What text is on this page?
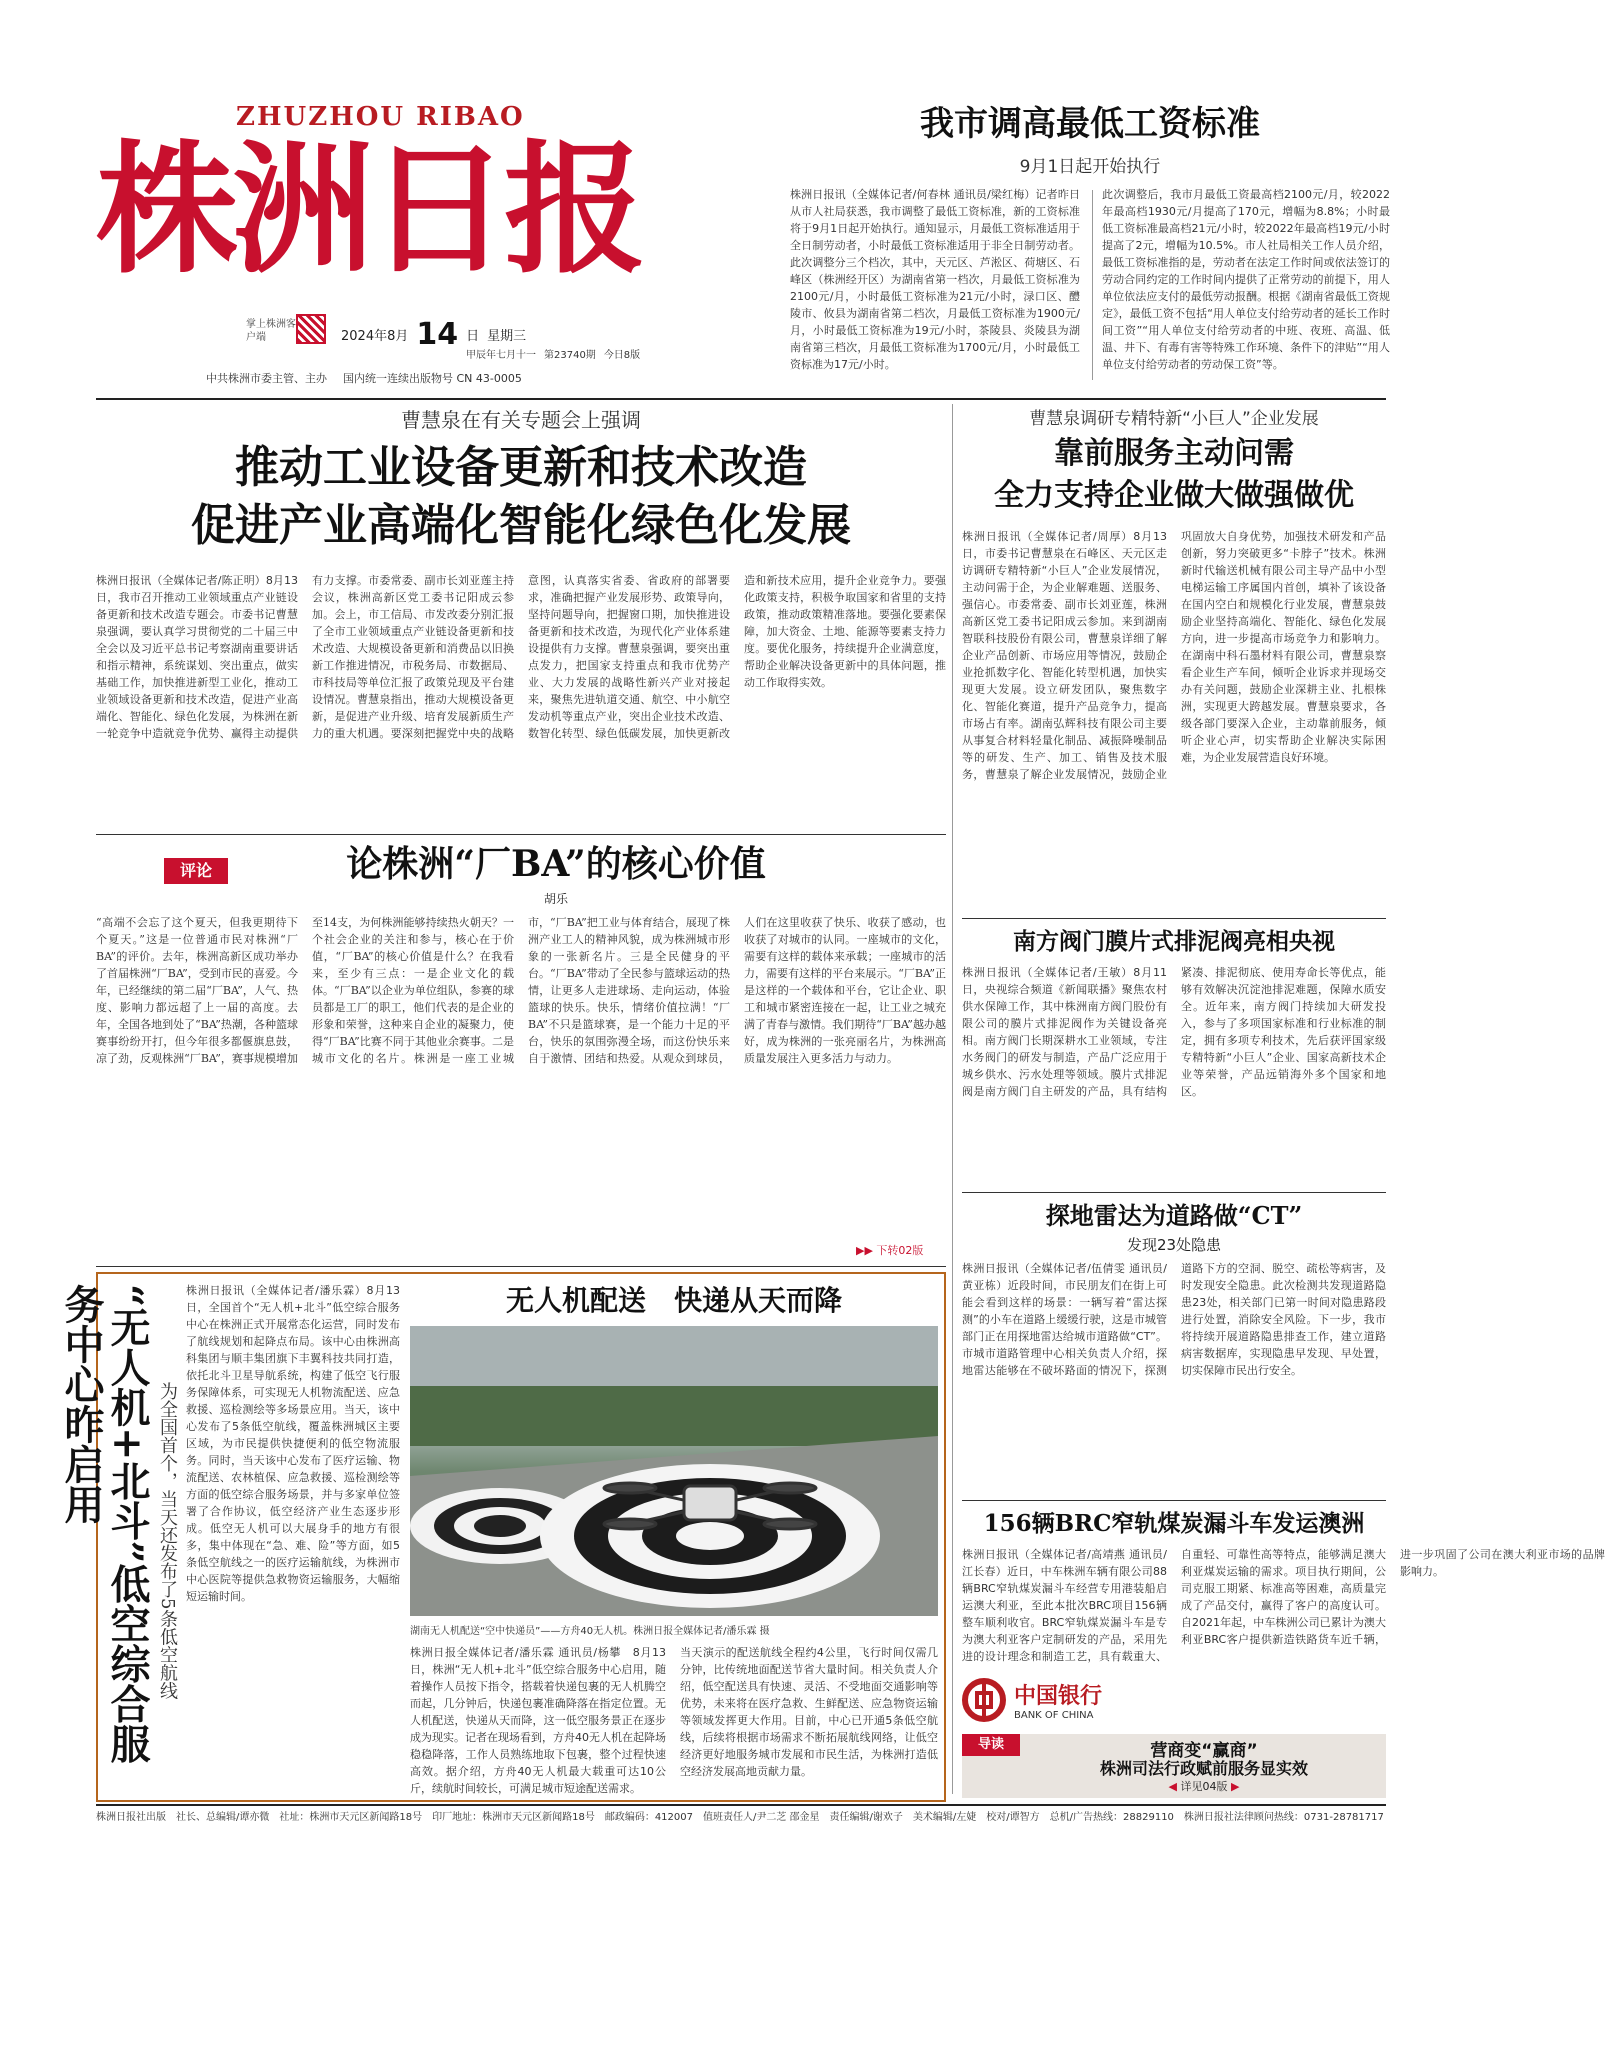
ZHUZHOU RIBAO
株洲日报
掌上株洲客户端	2024年8月 14 日 星期三
甲辰年七月十一 第23740期 今日8版
中共株洲市委主管、主办 国内统一连续出版物号 CN 43-0005
我市调高最低工资标准
9月1日起开始执行
株洲日报讯（全媒体记者/何春林 通讯员/梁红梅）记者昨日从市人社局获悉，我市调整了最低工资标准，新的工资标准将于9月1日起开始执行。通知显示，月最低工资标准适用于全日制劳动者，小时最低工资标准适用于非全日制劳动者。此次调整分三个档次，其中，天元区、芦淞区、荷塘区、石峰区（株洲经开区）为湖南省第一档次，月最低工资标准为2100元/月，小时最低工资标准为21元/小时，渌口区、醴陵市、攸县为湖南省第二档次，月最低工资标准为1900元/月，小时最低工资标准为19元/小时，茶陵县、炎陵县为湖南省第三档次，月最低工资标准为1700元/月，小时最低工资标准为17元/小时。
此次调整后，我市月最低工资最高档2100元/月，较2022年最高档1930元/月提高了170元，增幅为8.8%；小时最低工资标准最高档21元/小时，较2022年最高档19元/小时提高了2元，增幅为10.5%。市人社局相关工作人员介绍，最低工资标准指的是，劳动者在法定工作时间或依法签订的劳动合同约定的工作时间内提供了正常劳动的前提下，用人单位依法应支付的最低劳动报酬。根据《湖南省最低工资规定》，最低工资不包括“用人单位支付给劳动者的延长工作时间工资”“用人单位支付给劳动者的中班、夜班、高温、低温、井下、有毒有害等特殊工作环境、条件下的津贴”“用人单位支付给劳动者的劳动保工资”等。
曹慧泉在有关专题会上强调
推动工业设备更新和技术改造
促进产业高端化智能化绿色化发展
株洲日报讯（全媒体记者/陈正明）8月13日，我市召开推动工业领域重点产业链设备更新和技术改造专题会。市委书记曹慧泉强调，要认真学习贯彻党的二十届三中全会以及习近平总书记考察湖南重要讲话和指示精神，系统谋划、突出重点，做实基础工作，加快推进新型工业化，推动工业领域设备更新和技术改造，促进产业高端化、智能化、绿色化发展，为株洲在新一轮竞争中造就竞争优势、赢得主动提供有力支撑。市委常委、副市长刘亚莲主持会议，株洲高新区党工委书记阳成云参加。会上，市工信局、市发改委分别汇报了全市工业领域重点产业链设备更新和技术改造、大规模设备更新和消费品以旧换新工作推进情况，市税务局、市数据局、市科技局等单位汇报了政策兑现及平台建设情况。曹慧泉指出，推动大规模设备更新，是促进产业升级、培育发展新质生产力的重大机遇。要深刻把握党中央的战略意图，认真落实省委、省政府的部署要求，准确把握产业发展形势、政策导向，坚持问题导向，把握窗口期，加快推进设备更新和技术改造，为现代化产业体系建设提供有力支撑。曹慧泉强调，要突出重点发力，把国家支持重点和我市优势产业、大力发展的战略性新兴产业对接起来，聚焦先进轨道交通、航空、中小航空发动机等重点产业，突出企业技术改造、数智化转型、绿色低碳发展，加快更新改造和新技术应用，提升企业竞争力。要强化政策支持，积极争取国家和省里的支持政策，推动政策精准落地。要强化要素保障，加大资金、土地、能源等要素支持力度。要优化服务，持续提升企业满意度，帮助企业解决设备更新中的具体问题，推动工作取得实效。
曹慧泉调研专精特新“小巨人”企业发展
靠前服务主动问需
全力支持企业做大做强做优
株洲日报讯（全媒体记者/周厚）8月13日，市委书记曹慧泉在石峰区、天元区走访调研专精特新“小巨人”企业发展情况，主动问需于企，为企业解难题、送服务、强信心。市委常委、副市长刘亚莲，株洲高新区党工委书记阳成云参加。来到湖南智联科技股份有限公司，曹慧泉详细了解企业产品创新、市场应用等情况，鼓励企业抢抓数字化、智能化转型机遇，加快实现更大发展。设立研发团队，聚焦数字化、智能化赛道，提升产品竞争力，提高市场占有率。湖南弘辉科技有限公司主要从事复合材料轻量化制品、减振降噪制品等的研发、生产、加工、销售及技术服务，曹慧泉了解企业发展情况，鼓励企业巩固放大自身优势，加强技术研发和产品创新，努力突破更多“卡脖子”技术。株洲新时代输送机械有限公司主导产品中小型电梯运输工序属国内首创，填补了该设备在国内空白和规模化行业发展，曹慧泉鼓励企业坚持高端化、智能化、绿色化发展方向，进一步提高市场竞争力和影响力。在湖南中科石墨材料有限公司，曹慧泉察看企业生产车间，倾听企业诉求并现场交办有关问题，鼓励企业深耕主业、扎根株洲，实现更大跨越发展。曹慧泉要求，各级各部门要深入企业，主动靠前服务，倾听企业心声，切实帮助企业解决实际困难，为企业发展营造良好环境。
评论	论株洲“厂BA”的核心价值
胡乐
“高端不会忘了这个夏天，但我更期待下个夏天。”这是一位普通市民对株洲“厂BA”的评价。去年，株洲高新区成功举办了首届株洲“厂BA”，受到市民的喜爱。今年，已经继续的第二届“厂BA”，人气、热度、影响力都远超了上一届的高度。去年，全国各地到处了“BA”热潮，各种篮球赛事纷纷开打，但今年很多都偃旗息鼓，凉了劲，反观株洲“厂BA”，赛事规模增加至14支，为何株洲能够持续热火朝天？一个社会企业的关注和参与，核心在于价值，“厂BA”的核心价值是什么？在我看来，至少有三点：一是企业文化的载体。“厂BA”以企业为单位组队，参赛的球员都是工厂的职工，他们代表的是企业的形象和荣誉，这种来自企业的凝聚力，使得“厂BA”比赛不同于其他业余赛事。二是城市文化的名片。株洲是一座工业城市，“厂BA”把工业与体育结合，展现了株洲产业工人的精神风貌，成为株洲城市形象的一张新名片。三是全民健身的平台。“厂BA”带动了全民参与篮球运动的热情，让更多人走进球场、走向运动，体验篮球的快乐。快乐，情绪价值拉满！“厂BA”不只是篮球赛，是一个能力十足的平台，快乐的氛围弥漫全场，而这份快乐来自于激情、团结和热爱。从观众到球员，人们在这里收获了快乐、收获了感动，也收获了对城市的认同。一座城市的文化，需要有这样的载体来承载；一座城市的活力，需要有这样的平台来展示。“厂BA”正是这样的一个载体和平台，它让企业、职工和城市紧密连接在一起，让工业之城充满了青春与激情。我们期待“厂BA”越办越好，成为株洲的一张亮丽名片，为株洲高质量发展注入更多活力与动力。
▶▶ 下转02版
南方阀门膜片式排泥阀亮相央视
株洲日报讯（全媒体记者/王敏）8月11日，央视综合频道《新闻联播》聚焦农村供水保障工作，其中株洲南方阀门股份有限公司的膜片式排泥阀作为关键设备亮相。南方阀门长期深耕水工业领域，专注水务阀门的研发与制造，产品广泛应用于城乡供水、污水处理等领域。膜片式排泥阀是南方阀门自主研发的产品，具有结构紧凑、排泥彻底、使用寿命长等优点，能够有效解决沉淀池排泥难题，保障水质安全。近年来，南方阀门持续加大研发投入，参与了多项国家标准和行业标准的制定，拥有多项专利技术，先后获评国家级专精特新“小巨人”企业、国家高新技术企业等荣誉，产品远销海外多个国家和地区。
探地雷达为道路做“CT”
发现23处隐患
株洲日报讯（全媒体记者/伍倩雯 通讯员/黄亚栋）近段时间，市民朋友们在街上可能会看到这样的场景：一辆写着“雷达探测”的小车在道路上缓缓行驶，这是市城管部门正在用探地雷达给城市道路做“CT”。市城市道路管理中心相关负责人介绍，探地雷达能够在不破坏路面的情况下，探测道路下方的空洞、脱空、疏松等病害，及时发现安全隐患。此次检测共发现道路隐患23处，相关部门已第一时间对隐患路段进行处置，消除安全风险。下一步，我市将持续开展道路隐患排查工作，建立道路病害数据库，实现隐患早发现、早处置，切实保障市民出行安全。
“无人机+北斗”低空综合服务中心昨启用	为全国首个，当天还发布了5条低空航线
株洲日报讯（全媒体记者/潘乐霖）8月13日，全国首个“无人机+北斗”低空综合服务中心在株洲正式开展常态化运营，同时发布了航线规划和起降点布局。该中心由株洲高科集团与顺丰集团旗下丰翼科技共同打造，依托北斗卫星导航系统，构建了低空飞行服务保障体系，可实现无人机物流配送、应急救援、巡检测绘等多场景应用。当天，该中心发布了5条低空航线，覆盖株洲城区主要区域，为市民提供快捷便利的低空物流服务。同时，当天该中心发布了医疗运输、物流配送、农林植保、应急救援、巡检测绘等方面的低空综合服务场景，并与多家单位签署了合作协议，低空经济产业生态逐步形成。低空无人机可以大展身手的地方有很多，集中体现在“急、难、险”等方面，如5条低空航线之一的医疗运输航线，为株洲市中心医院等提供急救物资运输服务，大幅缩短运输时间。
无人机配送　快递从天而降
湖南无人机配送“空中快递员”——方舟40无人机。株洲日报全媒体记者/潘乐霖 摄
株洲日报全媒体记者/潘乐霖 通讯员/杨攀　8月13日，株洲“无人机+北斗”低空综合服务中心启用，随着操作人员按下指令，搭载着快递包裹的无人机腾空而起，几分钟后，快递包裹准确降落在指定位置。无人机配送，快递从天而降，这一低空服务景正在逐步成为现实。记者在现场看到，方舟40无人机在起降场稳稳降落，工作人员熟练地取下包裹，整个过程快速高效。据介绍，方舟40无人机最大载重可达10公斤，续航时间较长，可满足城市短途配送需求。
当天演示的配送航线全程约4公里，飞行时间仅需几分钟，比传统地面配送节省大量时间。相关负责人介绍，低空配送具有快速、灵活、不受地面交通影响等优势，未来将在医疗急救、生鲜配送、应急物资运输等领域发挥更大作用。目前，中心已开通5条低空航线，后续将根据市场需求不断拓展航线网络，让低空经济更好地服务城市发展和市民生活，为株洲打造低空经济发展高地贡献力量。
156辆BRC窄轨煤炭漏斗车发运澳洲
株洲日报讯（全媒体记者/高靖燕 通讯员/江长春）近日，中车株洲车辆有限公司88辆BRC窄轨煤炭漏斗车经营专用港装船启运澳大利亚，至此本批次BRC项目156辆整车顺利收官。BRC窄轨煤炭漏斗车是专为澳大利亚客户定制研发的产品，采用先进的设计理念和制造工艺，具有载重大、自重轻、可靠性高等特点，能够满足澳大利亚煤炭运输的需求。项目执行期间，公司克服工期紧、标准高等困难，高质量完成了产品交付，赢得了客户的高度认可。自2021年起，中车株洲公司已累计为澳大利亚BRC客户提供新造铁路货车近千辆，进一步巩固了公司在澳大利亚市场的品牌影响力。
中国银行
BANK OF CHINA
导读	营商变“赢商”
株洲司法行政赋前服务显实效
◀ 详见04版 ▶
株洲日报社出版　社长、总编辑/谭亦微　社址：株洲市天元区新闻路18号　印厂地址：株洲市天元区新闻路18号　邮政编码：412007　值班责任人/尹二芝 邵金星　责任编辑/谢欢子　美术编辑/左婕　校对/谭智方　总机/广告热线：28829110　株洲日报社法律顾问热线：0731-28781717
